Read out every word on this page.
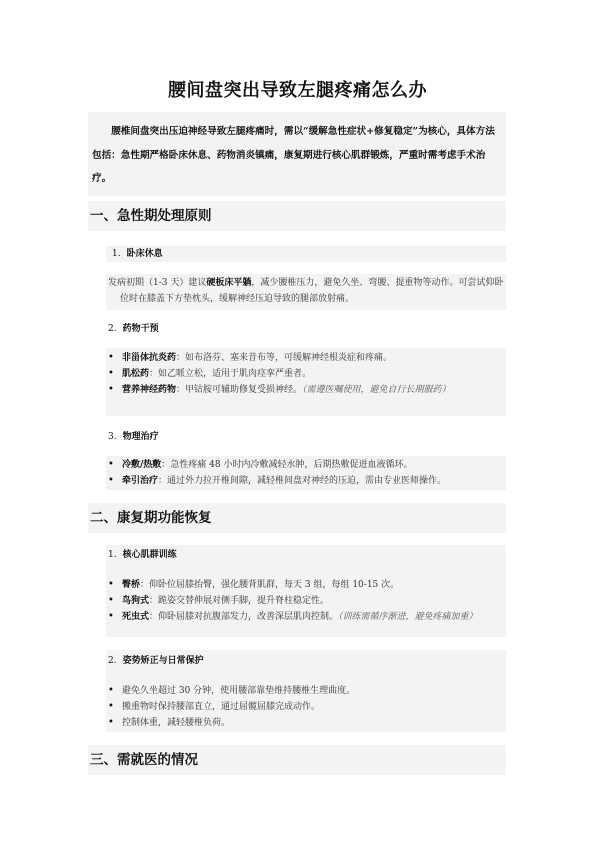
腰间盘突出导致左腿疼痛怎么办

腰椎间盘突出压迫神经导致左腿疼痛时，需以“缓解急性症状+修复稳定”为核心，具体方法包括：急性期严格卧床休息、药物消炎镇痛，康复期进行核心肌群锻炼，严重时需考虑手术治疗。

一、急性期处理原则
1. 卧床休息
发病初期（1-3 天）建议硬板床平躺，减少腰椎压力，避免久坐、弯腰、提重物等动作。可尝试仰卧位时在膝盖下方垫枕头，缓解神经压迫导致的腿部放射痛。
2. 药物干预
• 非甾体抗炎药：如布洛芬、塞来昔布等，可缓解神经根炎症和疼痛。
• 肌松药：如乙哌立松，适用于肌肉痉挛严重者。
• 营养神经药物：甲钴胺可辅助修复受损神经。（需遵医嘱使用，避免自行长期服药）
3. 物理治疗
• 冷敷/热敷：急性疼痛 48 小时内冷敷减轻水肿，后期热敷促进血液循环。
• 牵引治疗：通过外力拉开椎间隙，减轻椎间盘对神经的压迫，需由专业医师操作。
二、康复期功能恢复
1. 核心肌群训练
• 臀桥：仰卧位屈膝抬臀，强化腰背肌群，每天 3 组，每组 10-15 次。
• 鸟狗式：跪姿交替伸展对侧手脚，提升脊柱稳定性。
• 死虫式：仰卧屈膝对抗腹部发力，改善深层肌肉控制。（训练需循序渐进，避免疼痛加重）
2. 姿势矫正与日常保护
• 避免久坐超过 30 分钟，使用腰部靠垫维持腰椎生理曲度。
• 搬重物时保持腰部直立，通过屈髋屈膝完成动作。
• 控制体重，减轻腰椎负荷。
三、需就医的情况
